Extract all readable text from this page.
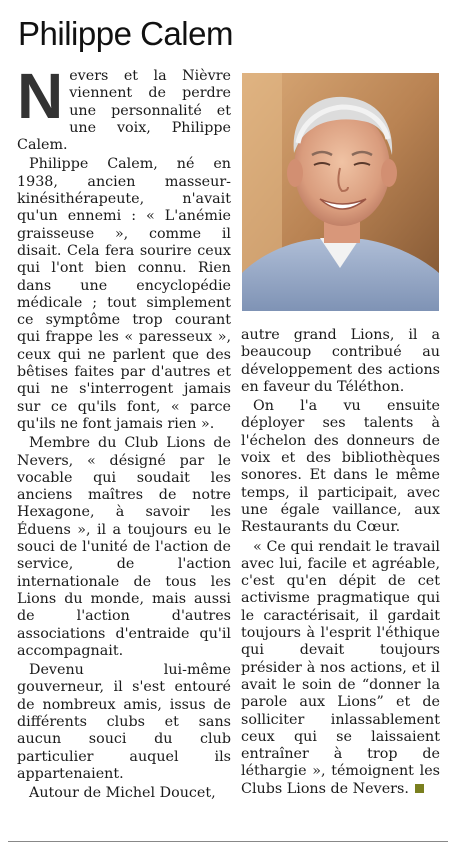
Philippe Calem

Nevers et la Nièvre viennent de perdre une personnalité et une voix, Philippe Calem.

Philippe Calem, né en 1938, ancien masseur-kinésithérapeute, n'avait qu'un ennemi : « L'anémie graisseuse », comme il disait. Cela fera sourire ceux qui l'ont bien connu. Rien dans une encyclopédie médicale ; tout simplement ce symptôme trop courant qui frappe les « paresseux », ceux qui ne parlent que des bêtises faites par d'autres et qui ne s'interrogent jamais sur ce qu'ils font, « parce qu'ils ne font jamais rien ».

Membre du Club Lions de Nevers, « désigné par le vocable qui soudait les anciens maîtres de notre Hexagone, à savoir les Éduens », il a toujours eu le souci de l'unité de l'action de service, de l'action internationale de tous les Lions du monde, mais aussi de l'action d'autres associations d'entraide qu'il accompagnait.

Devenu lui-même gouverneur, il s'est entouré de nombreux amis, issus de différents clubs et sans aucun souci du club particulier auquel ils appartenaient.

Autour de Michel Doucet,

autre grand Lions, il a beaucoup contribué au développement des actions en faveur du Téléthon.

On l'a vu ensuite déployer ses talents à l'échelon des donneurs de voix et des bibliothèques sonores. Et dans le même temps, il participait, avec une égale vaillance, aux Restaurants du Cœur.

« Ce qui rendait le travail avec lui, facile et agréable, c'est qu'en dépit de cet activisme pragmatique qui le caractérisait, il gardait toujours à l'esprit l'éthique qui devait toujours présider à nos actions, et il avait le soin de “donner la parole aux Lions” et de solliciter inlassablement ceux qui se laissaient entraîner à trop de léthargie », témoignent les Clubs Lions de Nevers.
